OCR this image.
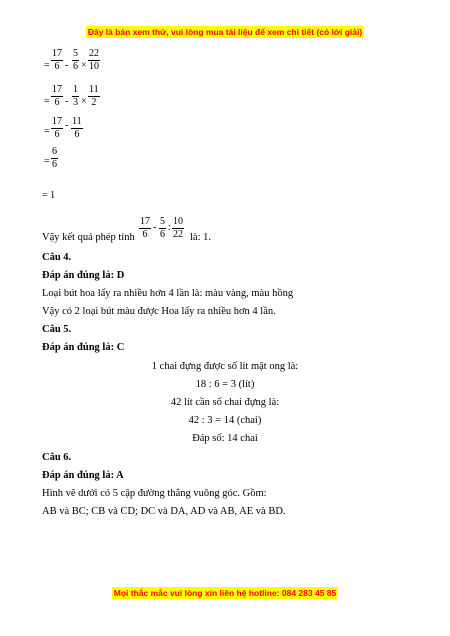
Đây là bản xem thử, vui lòng mua tài liệu để xem chi tiết (có lời giải)
= $\frac{17}{6} - \frac{5}{6} \times \frac{22}{10}$
= $\frac{17}{6} - \frac{1}{3} \times \frac{11}{2}$
= $\frac{17}{6} - \frac{11}{6}$
= $\frac{6}{6}$
= 1
Vậy kết quả phép tính $\frac{17}{6} - \frac{5}{6}$ : $\frac{10}{22}$ là: 1.
Câu 4.
Đáp án đúng là: D
Loại bút hoa lấy ra nhiều hơn 4 lần là: màu vàng, màu hồng
Vậy có 2 loại bút màu được Hoa lấy ra nhiều hơn 4 lần.
Câu 5.
Đáp án đúng là: C
1 chai đựng được số lít mật ong là:
18 : 6 = 3 (lít)
42 lít cần số chai đựng là:
42 : 3 = 14 (chai)
Đáp số: 14 chai
Câu 6.
Đáp án đúng là: A
Hình vẽ dưới có 5 cặp đường thẳng vuông góc. Gồm:
AB và BC; CB và CD; DC và DA, AD và AB, AE và BD.
Mọi thắc mắc vui lòng xin liên hệ hotline: 084 283 45 85
